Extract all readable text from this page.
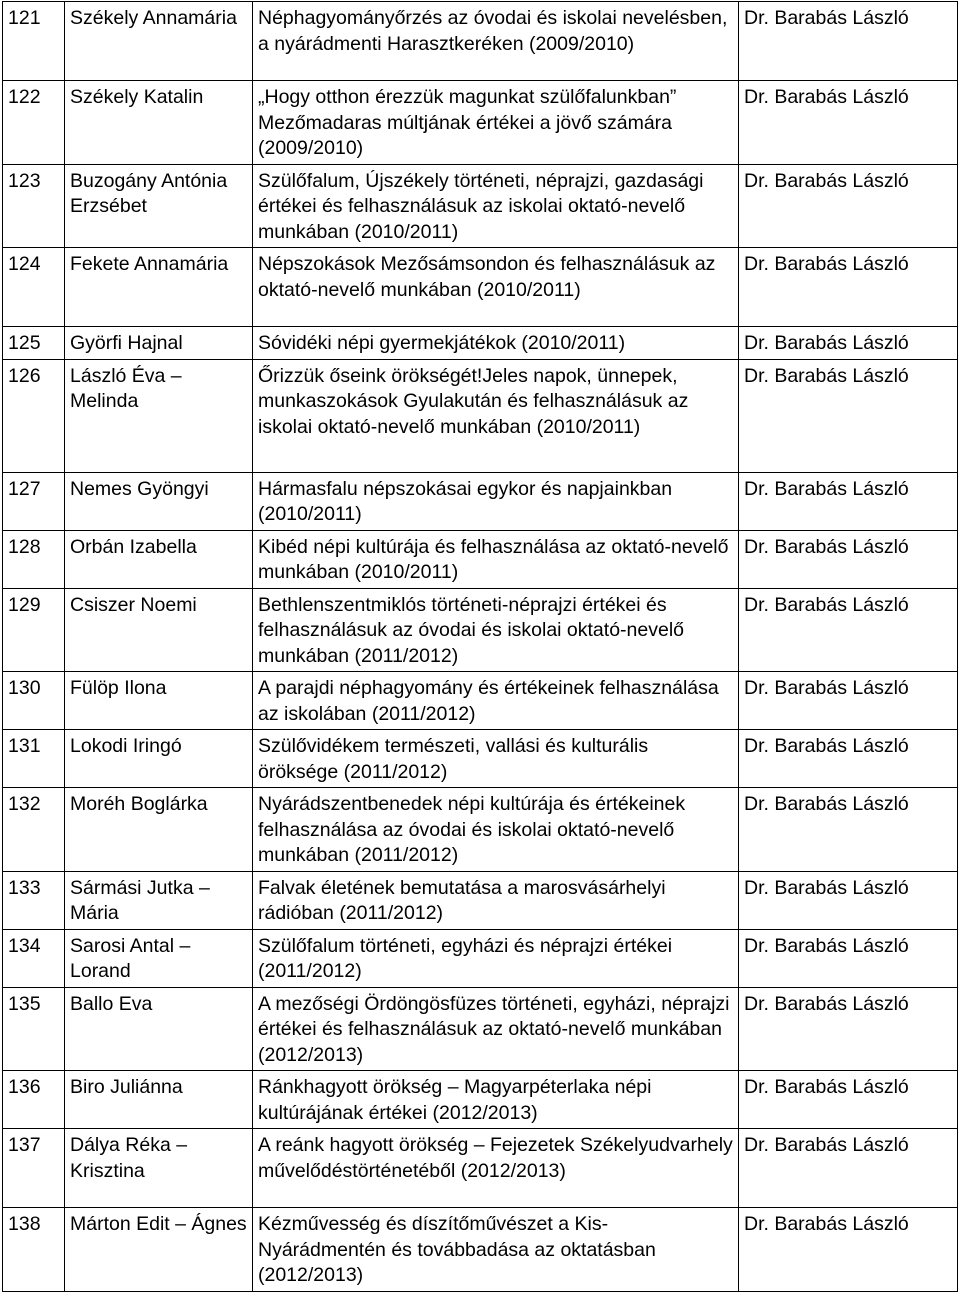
121	Székely Annamária	Néphagyományőrzés az óvodai és iskolai nevelésben, a nyárádmenti Harasztkeréken (2009/2010)	Dr. Barabás László
122	Székely Katalin	„Hogy otthon érezzük magunkat szülőfalunkban” Mezőmadaras múltjának értékei a jövő számára (2009/2010)	Dr. Barabás László
123	Buzogány Antónia Erzsébet	Szülőfalum, Újszékely történeti, néprajzi, gazdasági értékei és felhasználásuk az iskolai oktató-nevelő munkában (2010/2011)	Dr. Barabás László
124	Fekete Annamária	Népszokások Mezősámsondon és felhasználásuk az oktató-nevelő munkában (2010/2011)	Dr. Barabás László
125	Györfi Hajnal	Sóvidéki népi gyermekjátékok (2010/2011)	Dr. Barabás László
126	László Éva – Melinda	Őrizzük őseink örökségét!Jeles napok, ünnepek, munkaszokások Gyulakután és felhasználásuk az iskolai oktató-nevelő munkában (2010/2011)	Dr. Barabás László
127	Nemes Gyöngyi	Hármasfalu népszokásai egykor és napjainkban (2010/2011)	Dr. Barabás László
128	Orbán Izabella	Kibéd népi kultúrája és felhasználása az oktató-nevelő munkában (2010/2011)	Dr. Barabás László
129	Csiszer Noemi	Bethlenszentmiklós történeti-néprajzi értékei és felhasználásuk az óvodai és iskolai oktató-nevelő munkában (2011/2012)	Dr. Barabás László
130	Fülöp Ilona	A parajdi néphagyomány és értékeinek felhasználása az iskolában (2011/2012)	Dr. Barabás László
131	Lokodi Iringó	Szülővidékem természeti, vallási és kulturális öröksége (2011/2012)	Dr. Barabás László
132	Moréh Boglárka	Nyárádszentbenedek népi kultúrája és értékeinek felhasználása az óvodai és iskolai oktató-nevelő munkában (2011/2012)	Dr. Barabás László
133	Sármási Jutka – Mária	Falvak életének bemutatása a marosvásárhelyi rádióban (2011/2012)	Dr. Barabás László
134	Sarosi Antal – Lorand	Szülőfalum történeti, egyházi és néprajzi értékei (2011/2012)	Dr. Barabás László
135	Ballo Eva	A mezőségi Ördöngösfüzes történeti, egyházi, néprajzi értékei és felhasználásuk az oktató-nevelő munkában (2012/2013)	Dr. Barabás László
136	Biro Juliánna	Ránkhagyott örökség – Magyarpéterlaka népi kultúrájának értékei (2012/2013)	Dr. Barabás László
137	Dálya Réka – Krisztina	A reánk hagyott örökség – Fejezetek Székelyudvarhely művelődéstörténetéből (2012/2013)	Dr. Barabás László
138	Márton Edit – Ágnes	Kézművesség és díszítőművészet a Kis-Nyárádmentén és továbbadása az oktatásban (2012/2013)	Dr. Barabás László
